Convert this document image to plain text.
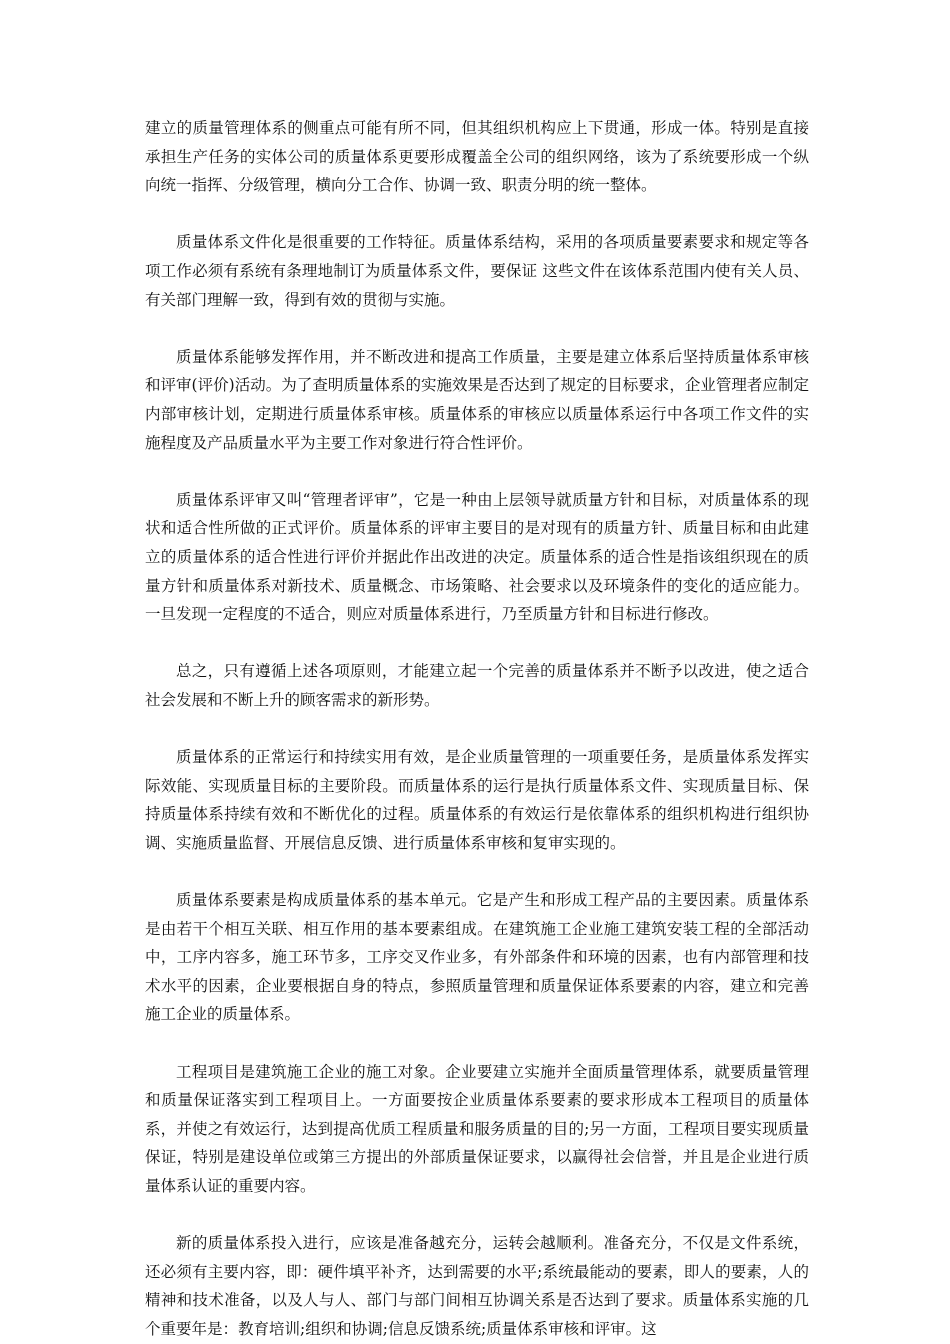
建立的质量管理体系的侧重点可能有所不同，但其组织机构应上下贯通，形成一体。特别是直接承担生产任务的实体公司的质量体系更要形成覆盖全公司的组织网络，该为了系统要形成一个纵向统一指挥、分级管理，横向分工合作、协调一致、职责分明的统一整体。

质量体系文件化是很重要的工作特征。质量体系结构，采用的各项质量要素要求和规定等各项工作必须有系统有条理地制订为质量体系文件，要保证 这些文件在该体系范围内使有关人员、有关部门理解一致，得到有效的贯彻与实施。

质量体系能够发挥作用，并不断改进和提高工作质量，主要是建立体系后坚持质量体系审核和评审(评价)活动。为了查明质量体系的实施效果是否达到了规定的目标要求，企业管理者应制定内部审核计划，定期进行质量体系审核。质量体系的审核应以质量体系运行中各项工作文件的实施程度及产品质量水平为主要工作对象进行符合性评价。

质量体系评审又叫“管理者评审”，它是一种由上层领导就质量方针和目标，对质量体系的现状和适合性所做的正式评价。质量体系的评审主要目的是对现有的质量方针、质量目标和由此建立的质量体系的适合性进行评价并据此作出改进的决定。质量体系的适合性是指该组织现在的质量方针和质量体系对新技术、质量概念、市场策略、社会要求以及环境条件的变化的适应能力。一旦发现一定程度的不适合，则应对质量体系进行，乃至质量方针和目标进行修改。

总之，只有遵循上述各项原则，才能建立起一个完善的质量体系并不断予以改进，使之适合社会发展和不断上升的顾客需求的新形势。

质量体系的正常运行和持续实用有效，是企业质量管理的一项重要任务，是质量体系发挥实际效能、实现质量目标的主要阶段。而质量体系的运行是执行质量体系文件、实现质量目标、保持质量体系持续有效和不断优化的过程。质量体系的有效运行是依靠体系的组织机构进行组织协调、实施质量监督、开展信息反馈、进行质量体系审核和复审实现的。

质量体系要素是构成质量体系的基本单元。它是产生和形成工程产品的主要因素。质量体系是由若干个相互关联、相互作用的基本要素组成。在建筑施工企业施工建筑安装工程的全部活动中，工序内容多，施工环节多，工序交叉作业多，有外部条件和环境的因素，也有内部管理和技术水平的因素，企业要根据自身的特点，参照质量管理和质量保证体系要素的内容，建立和完善施工企业的质量体系。

工程项目是建筑施工企业的施工对象。企业要建立实施并全面质量管理体系，就要质量管理和质量保证落实到工程项目上。一方面要按企业质量体系要素的要求形成本工程项目的质量体系，并使之有效运行，达到提高优质工程质量和服务质量的目的;另一方面，工程项目要实现质量保证，特别是建设单位或第三方提出的外部质量保证要求，以赢得社会信誉，并且是企业进行质量体系认证的重要内容。

新的质量体系投入进行，应该是准备越充分，运转会越顺利。准备充分，不仅是文件系统，还必须有主要内容，即：硬件填平补齐，达到需要的水平;系统最能动的要素，即人的要素，人的精神和技术准备，以及人与人、部门与部门间相互协调关系是否达到了要求。质量体系实施的几个重要年是：教育培训;组织和协调;信息反馈系统;质量体系审核和评审。这
